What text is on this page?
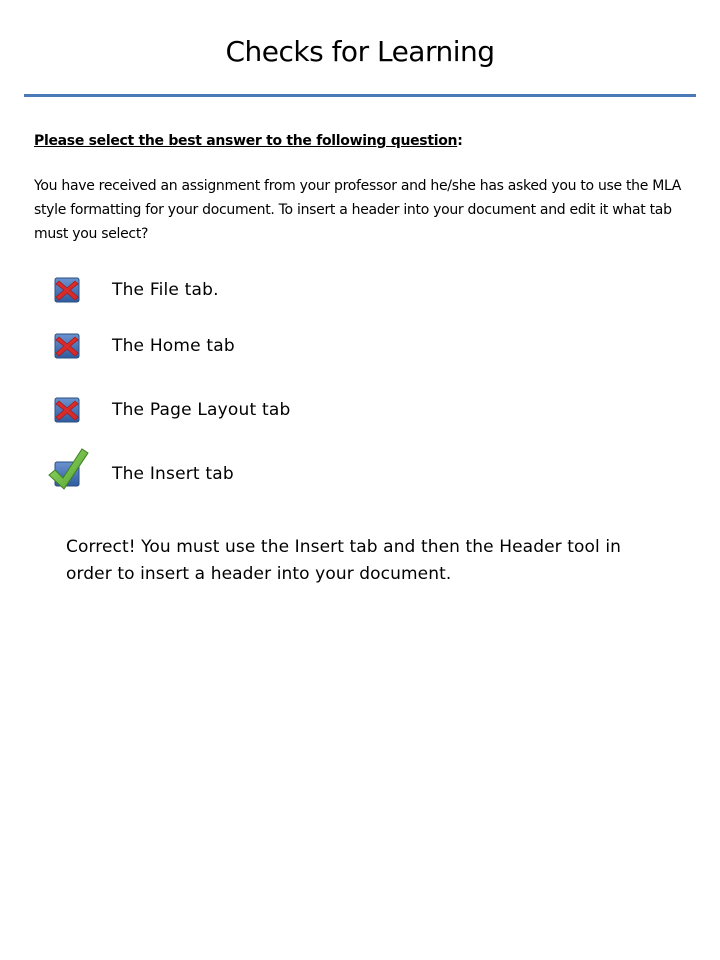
Checks for Learning
Please select the best answer to the following question:
You have received an assignment from your professor and he/she has asked you to use the MLA style formatting for your document. To insert a header into your document and edit it what tab must you select?
The File tab.
The Home tab
The Page Layout tab
The Insert tab
Correct! You must use the Insert tab and then the Header tool in order to insert a header into your document.
